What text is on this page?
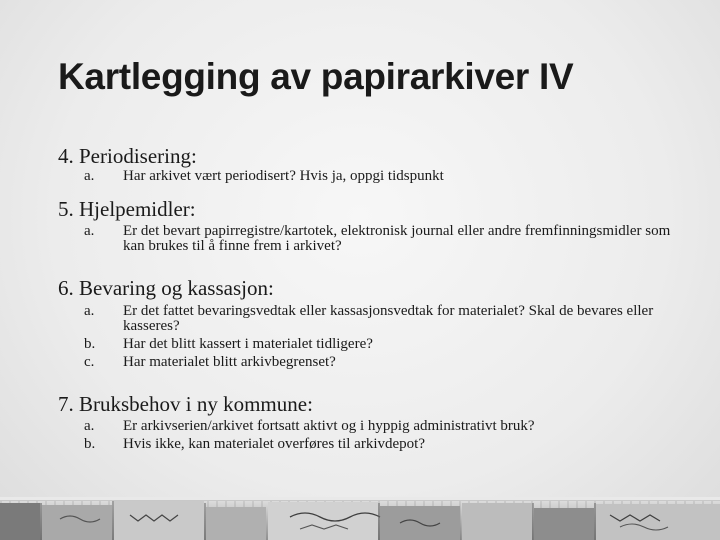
Kartlegging av papirarkiver IV
4. Periodisering:
a. Har arkivet vært periodisert? Hvis ja, oppgi tidspunkt
5. Hjelpemidler:
a. Er det bevart papirregistre/kartotek, elektronisk journal eller andre fremfinningsmidler som kan brukes til å finne frem i arkivet?
6. Bevaring og kassasjon:
a. Er det fattet bevaringsvedtak eller kassasjonsvedtak for materialet? Skal de bevares eller kasseres?
b. Har det blitt kassert i materialet tidligere?
c. Har materialet blitt arkivbegrenset?
7. Bruksbehov i ny kommune:
a. Er arkivserien/arkivet fortsatt aktivt og i hyppig administrativt bruk?
b. Hvis ikke, kan materialet overføres til arkivdepot?
